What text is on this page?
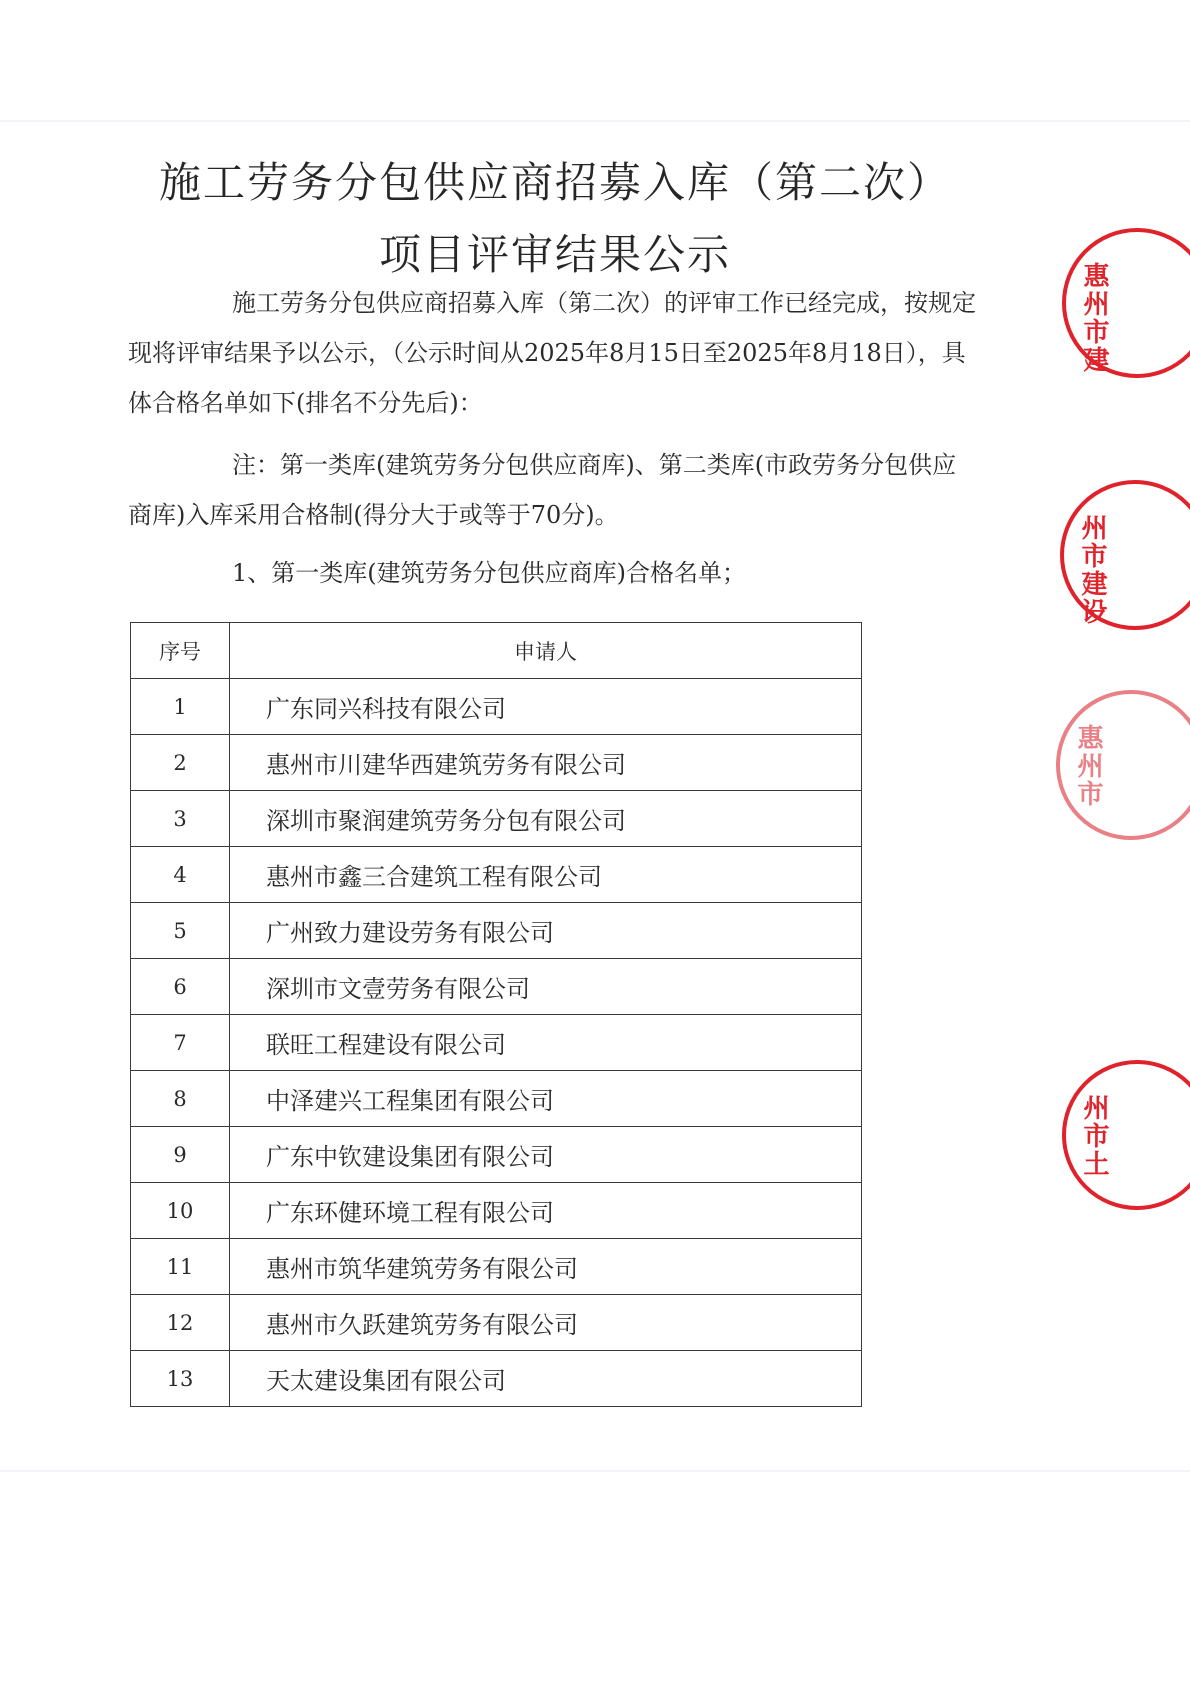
施工劳务分包供应商招募入库（第二次）
项目评审结果公示
施工劳务分包供应商招募入库（第二次）的评审工作已经完成，按规定现将评审结果予以公示，（公示时间从2025年8月15日至2025年8月18日），具体合格名单如下(排名不分先后)：
注：第一类库(建筑劳务分包供应商库)、第二类库(市政劳务分包供应商库)入库采用合格制(得分大于或等于70分)。
1、第一类库(建筑劳务分包供应商库)合格名单；
序号	申请人
1	广东同兴科技有限公司
2	惠州市川建华西建筑劳务有限公司
3	深圳市聚润建筑劳务分包有限公司
4	惠州市鑫三合建筑工程有限公司
5	广州致力建设劳务有限公司
6	深圳市文壹劳务有限公司
7	联旺工程建设有限公司
8	中泽建兴工程集团有限公司
9	广东中钦建设集团有限公司
10	广东环健环境工程有限公司
11	惠州市筑华建筑劳务有限公司
12	惠州市久跃建筑劳务有限公司
13	天太建设集团有限公司
惠州市建
州市建设
惠州市
州市土
